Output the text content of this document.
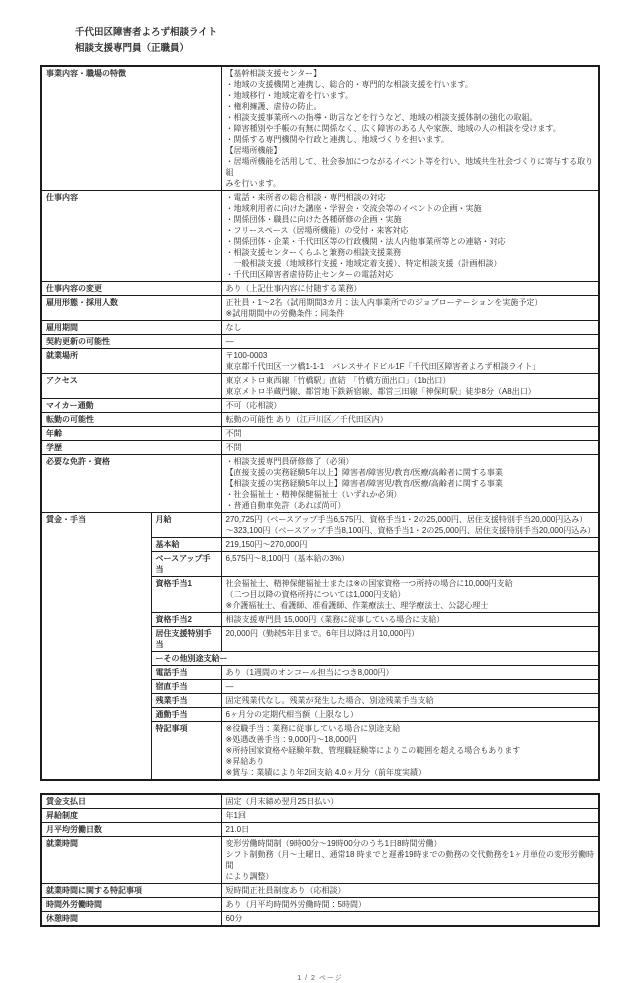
千代田区障害者よろず相談ライト
相談支援専門員（正職員）
事業内容・職場の特徴	【基幹相談支援センター】
・地域の支援機関と連携し、総合的・専門的な相談支援を行います。
・地域移行・地域定着を行います。
・権利擁護、虐待の防止。
・相談支援事業所への指導・助言などを行うなど、地域の相談支援体制の強化の取組。
・障害種別や手帳の有無に関係なく、広く障害のある人や家族、地域の人の相談を受けます。
・関係する専門機関や行政と連携し、地域づくりを担います。
【居場所機能】
・居場所機能を活用して、社会参加につながるイベント等を行い、地域共生社会づくりに寄与する取り組
みを行います。

仕事内容	・電話・来所者の総合相談・専門相談の対応
・地域利用者に向けた講座・学習会・交流会等のイベントの企画・実施
・関係団体・職員に向けた各種研修の企画・実施
・フリースペース（居場所機能）の受付・来客対応
・関係団体・企業・千代田区等の行政機関・法人内他事業所等との連絡・対応
・相談支援センターくらふと兼務の相談支援業務
　一般相談支援（地域移行支援・地域定着支援）、特定相談支援（計画相談）
・千代田区障害者虐待防止センターの電話対応

仕事内容の変更		あり（上記仕事内容に付随する業務）
雇用形態・採用人数		正社員・1～2名（試用期間3カ月：法人内事業所でのジョブローテーションを実施予定）
※試用期間中の労働条件：同条件

雇用期間		なし
契約更新の可能性		―
就業場所		〒100-0003
東京都千代田区一ツ橋1-1-1　パレスサイドビル1F「千代田区障害者よろず相談ライト」

アクセス		東京メトロ東西線「竹橋駅」直結　「竹橋方面出口」（1b出口）
東京メトロ半蔵門線、都営地下鉄新宿線、都営三田線「神保町駅」徒歩8分（A8出口）

マイカー通勤		不可（応相談）
転勤の可能性		転勤の可能性 あり（江戸川区／千代田区内）
年齢		不問
学歴		不問
必要な免許・資格		・相談支援専門員研修修了（必須）
【直接支援の実務経験5年以上】障害者/障害児/教育/医療/高齢者に関する事業
【相談支援の実務経験5年以上】障害者/障害児/教育/医療/高齢者に関する事業
・社会福祉士・精神保健福祉士（いずれか必須）
・普通自動車免許（あれば尚可）

賃金・手当	月給	270,725円（ベースアップ手当6,575円、資格手当1・2の25,000円、居住支援特別手当20,000円込み）
～323,100円（ベースアップ手当8,100円、資格手当1・2の25,000円、居住支援特別手当20,000円込み）

	基本給	219,150円～270,000円
	ベースアップ手当	6,575円～8,100円（基本給の3%）
	資格手当1	社会福祉士、精神保健福祉士または※の国家資格一つ所持の場合に10,000円支給
（二つ目以降の資格所持については1,000円支給）
※介護福祉士、看護師、准看護師、作業療法士、理学療法士、公認心理士

	資格手当2	相談支援専門員 15,000円（業務に従事している場合に支給）
	居住支援特別手当	20,000円（勤続5年目まで。6年目以降は月10,000円）
	ーその他別途支給ー	
	電話手当	あり（1週間のオンコール担当につき8,000円）
	宿直手当	―
	残業手当	固定残業代なし。残業が発生した場合、別途残業手当支給
	通勤手当	6ヶ月分の定期代相当額（上限なし）
	特記事項	※役職手当：業務に従事している場合に別途支給
※処遇改善手当：9,000円～18,000円
※所持国家資格や経験年数、管理職経験等によりこの範囲を超える場合もあります
※昇給あり
※賞与：業績により年2回支給 4.0ヶ月分（前年度実績）
賃金支払日	固定（月末締め翌月25日払い）
昇給制度	年1回
月平均労働日数	21.0日
就業時間	変形労働時間制（9時00分～19時00分のうち1日8時間労働）
シフト制勤務（月～土曜日、通常18 時までと遅番19時までの勤務の交代勤務を1ヶ月単位の変形労働時間
により調整）

就業時間に関する特記事項	短時間正社員制度あり（応相談）
時間外労働時間	あり（月平均時間外労働時間：5時間）
休憩時間	60分
1 / 2 ページ
